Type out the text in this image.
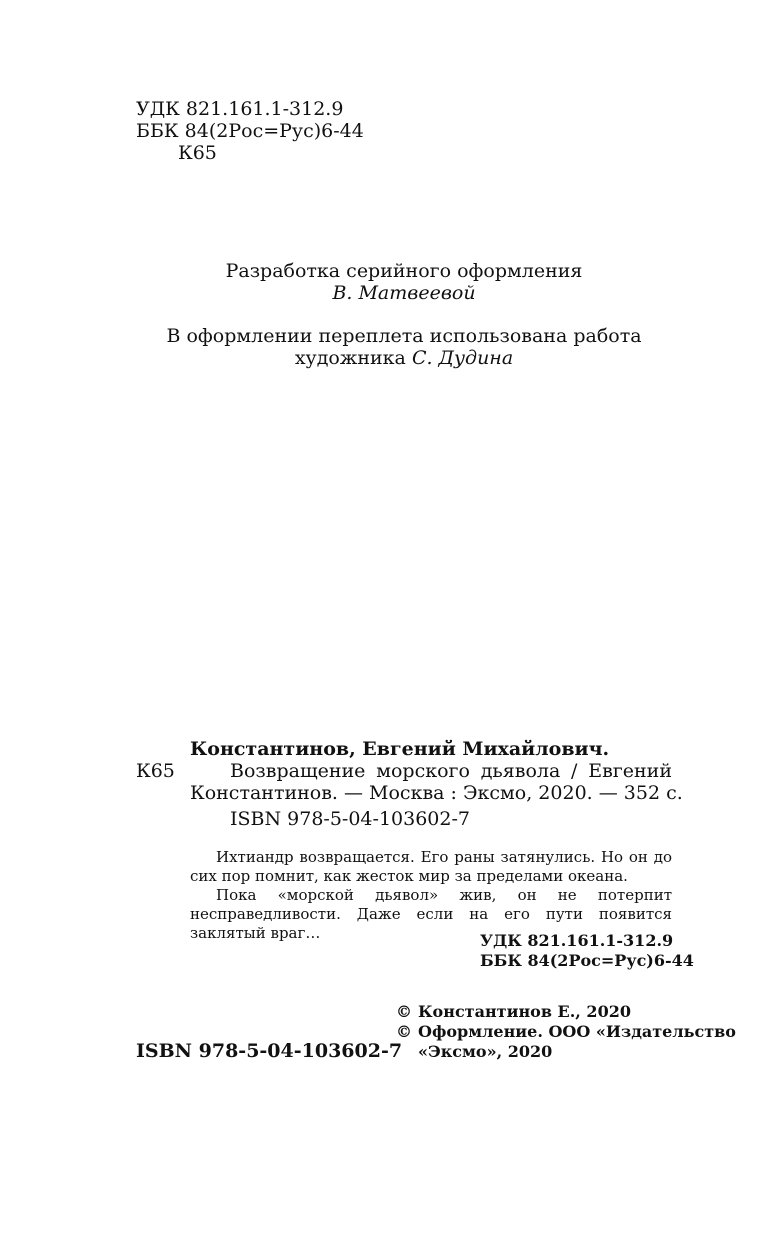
УДК 821.161.1-312.9
ББК 84(2Рос=Рус)6-44
К65

Разработка серийного оформления

В. Матвеевой

В оформлении переплета использована работа

художника С. Дудина

Константинов, Евгений Михайлович.
К65	Возвращение морского дьявола / Евгений
Константинов. — Москва : Эксмо, 2020. — 352 с.
ISBN 978-5-04-103602-7

Ихтиандр возвращается. Его раны затянулись. Но он до сих пор помнит, как жесток мир за пределами океана.

Пока «морской дьявол» жив, он не потерпит несправедливости. Даже если на его пути появится заклятый враг…	УДК 821.161.1-312.9
ББК 84(2Рос=Рус)6-44
© Константинов Е., 2020
© Оформление. ООО «Издательство
«Эксмо», 2020
ISBN 978-5-04-103602-7
